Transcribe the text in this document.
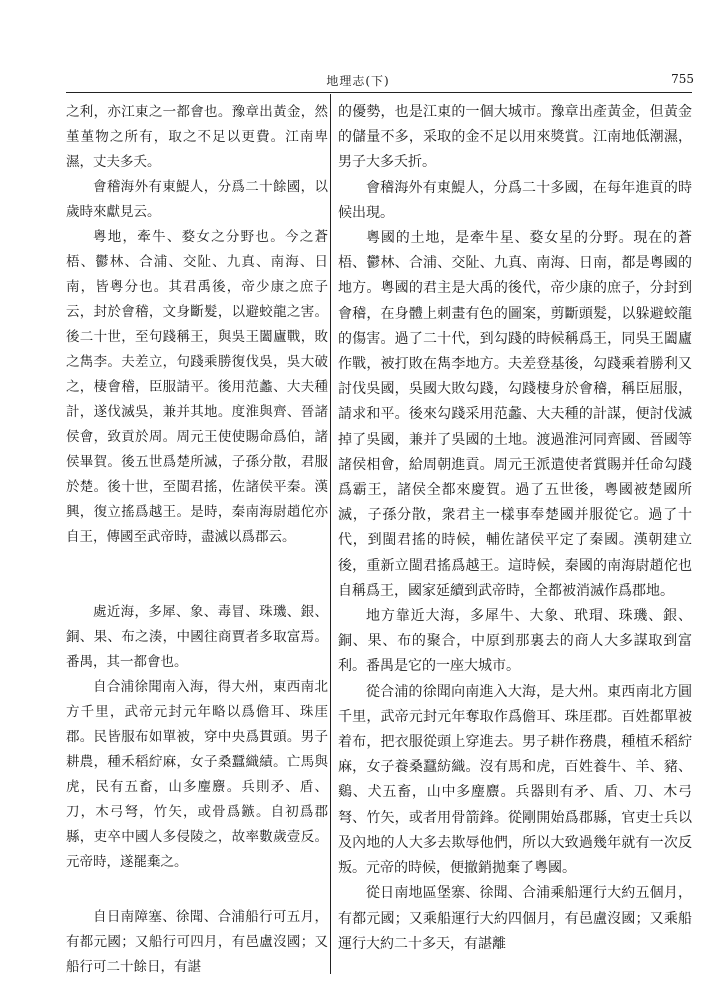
地理志(下)	755

之利，亦江東之一都會也。豫章出黃金，然堇堇物之所有，取之不足以更費。江南卑濕，丈夫多夭。

會稽海外有東鯷人，分爲二十餘國，以歲時來獻見云。

粵地，牽牛、婺女之分野也。今之蒼梧、鬱林、合浦、交阯、九真、南海、日南，皆粵分也。其君禹後，帝少康之庶子云，封於會稽，文身斷髮，以避蛟龍之害。後二十世，至句踐稱王，與吳王闔廬戰，敗之雋李。夫差立，句踐乘勝復伐吳，吳大破之，棲會稽，臣服請平。後用范蠡、大夫種計，遂伐滅吳，兼并其地。度淮與齊、晉諸侯會，致貢於周。周元王使使賜命爲伯，諸侯畢賀。後五世爲楚所滅，子孫分散，君服於楚。後十世，至閩君搖，佐諸侯平秦。漢興，復立搖爲越王。是時，秦南海尉趙佗亦自王，傳國至武帝時，盡滅以爲郡云。

處近海，多犀、象、毒冒、珠璣、銀、銅、果、布之湊，中國往商賈者多取富焉。番禺，其一都會也。

自合浦徐聞南入海，得大州，東西南北方千里，武帝元封元年略以爲儋耳、珠厓郡。民皆服布如單被，穿中央爲貫頭。男子耕農，種禾稻紵麻，女子桑蠶織績。亡馬與虎，民有五畜，山多麈麖。兵則矛、盾、刀，木弓弩，竹矢，或骨爲鏃。自初爲郡縣，吏卒中國人多侵陵之，故率數歲壹反。元帝時，遂罷棄之。

自日南障塞、徐聞、合浦船行可五月，有都元國；又船行可四月，有邑盧沒國；又船行可二十餘日，有諶

的優勢，也是江東的一個大城市。豫章出產黃金，但黃金的儲量不多，采取的金不足以用來獎賞。江南地低潮濕，男子大多夭折。

會稽海外有東鯷人，分爲二十多國，在每年進貢的時候出現。

粵國的土地，是牽牛星、婺女星的分野。現在的蒼梧、鬱林、合浦、交阯、九真、南海、日南，都是粵國的地方。粵國的君主是大禹的後代，帝少康的庶子，分封到會稽，在身體上刺畫有色的圖案，剪斷頭髮，以躲避蛟龍的傷害。過了二十代，到勾踐的時候稱爲王，同吳王闔廬作戰，被打敗在雋李地方。夫差登基後，勾踐乘着勝利又討伐吳國，吳國大敗勾踐，勾踐棲身於會稽，稱臣屈服，請求和平。後來勾踐采用范蠡、大夫種的計謀，便討伐滅掉了吳國，兼并了吳國的土地。渡過淮河同齊國、晉國等諸侯相會，給周朝進貢。周元王派遣使者賞賜并任命勾踐爲霸王，諸侯全都來慶賀。過了五世後，粵國被楚國所滅，子孫分散，衆君主一樣事奉楚國并服從它。過了十代，到閩君搖的時候，輔佐諸侯平定了秦國。漢朝建立後，重新立閩君搖爲越王。這時候，秦國的南海尉趙佗也自稱爲王，國家延續到武帝時，全都被消滅作爲郡地。

地方靠近大海，多犀牛、大象、玳瑁、珠璣、銀、銅、果、布的聚合，中原到那裏去的商人大多謀取到富利。番禺是它的一座大城市。

從合浦的徐聞向南進入大海，是大州。東西南北方圓千里，武帝元封元年奪取作爲儋耳、珠厓郡。百姓都單被着布，把衣服從頭上穿進去。男子耕作務農，種植禾稻紵麻，女子養桑蠶紡織。沒有馬和虎，百姓養牛、羊、豬、鷄、犬五畜，山中多麈麖。兵器則有矛、盾、刀、木弓弩、竹矢，或者用骨箭鋒。從剛開始爲郡縣，官吏士兵以及內地的人大多去欺辱他們，所以大致過幾年就有一次反叛。元帝的時候，便撤銷拋棄了粵國。

從日南地區堡寨、徐聞、合浦乘船運行大約五個月，有都元國；又乘船運行大約四個月，有邑盧沒國；又乘船運行大約二十多天，有諶離
